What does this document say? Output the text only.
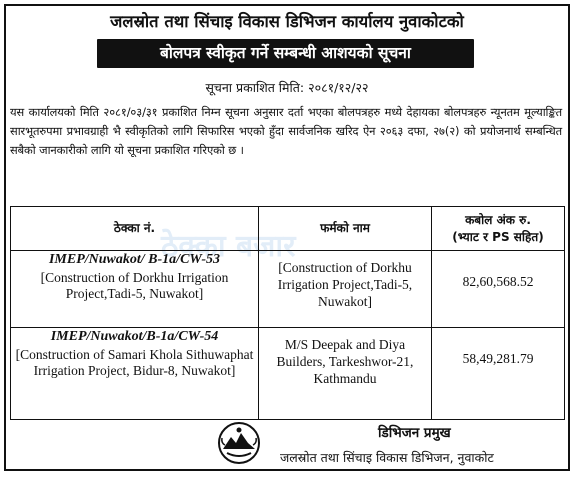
जलस्रोत तथा सिंचाइ विकास डिभिजन कार्यालय नुवाकोटको
बोलपत्र स्वीकृत गर्ने सम्बन्धी आशयको सूचना
सूचना प्रकाशित मिति: २०८१/१२/२२
यस कार्यालयको मिति २०८१/०३/३१ प्रकाशित निम्न सूचना अनुसार दर्ता भएका बोलपत्रहरु मध्ये देहायका बोलपत्रहरु न्यूनतम मूल्याङ्कित सारभूतरुपमा प्रभावग्राही भै स्वीकृतिको लागि सिफारिस भएको हुँदा सार्वजनिक खरिद ऐन २०६३ दफा, २७(२) को प्रयोजनार्थ सम्बन्धित सबैको जानकारीको लागि यो सूचना प्रकाशित गरिएको छ ।
ठेक्का बजार
ठेक्का नं.	फर्मको नाम	कबोल अंक रु.
(भ्याट र PS सहित)

IMEP/Nuwakot/ B-1a/CW-53
[Construction of Dorkhu Irrigation Project,Tadi-5, Nuwakot]	[Construction of Dorkhu Irrigation Project,Tadi-5, Nuwakot]	82,60,568.52

IMEP/Nuwakot/B-1a/CW-54
[Construction of Samari Khola Sithuwaphat Irrigation Project, Bidur-8, Nuwakot]	M/S Deepak and Diya Builders, Tarkeshwor-21, Kathmandu	58,49,281.79
डिभिजन प्रमुख
जलस्रोत तथा सिंचाइ विकास डिभिजन, नुवाकोट
